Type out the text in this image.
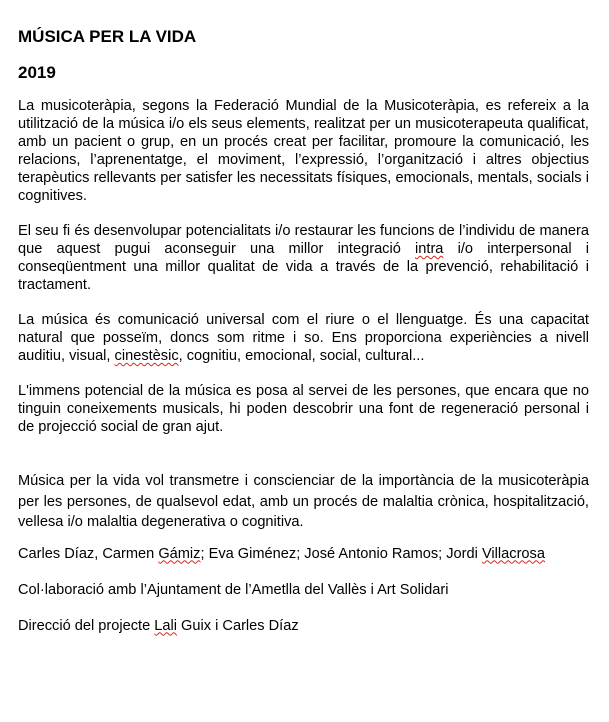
MÚSICA PER LA VIDA
2019

La musicoteràpia, segons la Federació Mundial de la Musicoteràpia, es refereix a la utilització de la música i/o els seus elements, realitzat per un musicoterapeuta qualificat, amb un pacient o grup, en un procés creat per facilitar, promoure la comunicació, les relacions, l’aprenentatge, el moviment, l’expressió, l’organització i altres objectius terapèutics rellevants per satisfer les necessitats físiques, emocionals, mentals, socials i cognitives.

El seu fi és desenvolupar potencialitats i/o restaurar les funcions de l’individu de manera que aquest pugui aconseguir una millor integració intra i/o interpersonal i conseqüentment una millor qualitat de vida a través de la prevenció, rehabilitació i tractament.

La música és comunicació universal com el riure o el llenguatge. És una capacitat natural que posseïm, doncs som ritme i so. Ens proporciona experiències a nivell auditiu, visual, cinestèsic, cognitiu, emocional, social, cultural...

L'immens potencial de la música es posa al servei de les persones, que encara que no tinguin coneixements musicals, hi poden descobrir una font de regeneració personal i de projecció social de gran ajut.

Música per la vida vol transmetre i conscienciar de la importància de la musicoteràpia per les persones, de qualsevol edat, amb un procés de malaltia crònica, hospitalització, vellesa i/o malaltia degenerativa o cognitiva.

Carles Díaz, Carmen Gámiz; Eva Giménez; José Antonio Ramos; Jordi Villacrosa

Col·laboració amb l’Ajuntament de l’Ametlla del Vallès i Art Solidari

Direcció del projecte Lali Guix i Carles Díaz
